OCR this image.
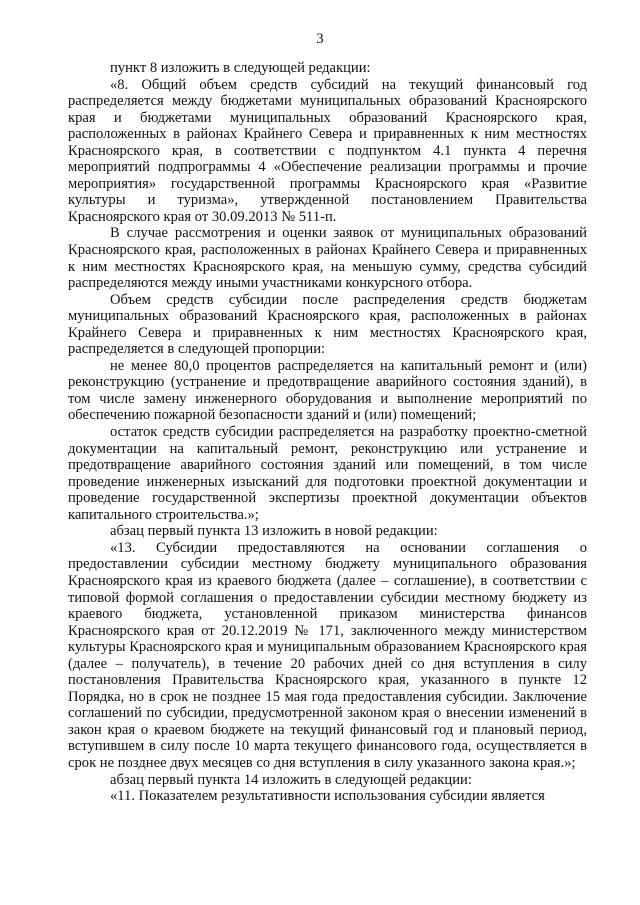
3

пункт 8 изложить в следующей редакции:

«8. Общий объем средств субсидий на текущий финансовый год распределяется между бюджетами муниципальных образований Красноярского края и бюджетами муниципальных образований Красноярского края, расположенных в районах Крайнего Севера и приравненных к ним местностях Красноярского края, в соответствии с подпунктом 4.1 пункта 4 перечня мероприятий подпрограммы 4 «Обеспечение реализации программы и прочие мероприятия» государственной программы Красноярского края «Развитие культуры и туризма», утвержденной постановлением Правительства Красноярского края от 30.09.2013 № 511-п.

В случае рассмотрения и оценки заявок от муниципальных образований Красноярского края, расположенных в районах Крайнего Севера и приравненных к ним местностях Красноярского края, на меньшую сумму, средства субсидий распределяются между иными участниками конкурсного отбора.

Объем средств субсидии после распределения средств бюджетам муниципальных образований Красноярского края, расположенных в районах Крайнего Севера и приравненных к ним местностях Красноярского края, распределяется в следующей пропорции:

не менее 80,0 процентов распределяется на капитальный ремонт и (или) реконструкцию (устранение и предотвращение аварийного состояния зданий), в том числе замену инженерного оборудования и выполнение мероприятий по обеспечению пожарной безопасности зданий и (или) помещений;

остаток средств субсидии распределяется на разработку проектно-сметной документации на капитальный ремонт, реконструкцию или устранение и предотвращение аварийного состояния зданий или помещений, в том числе проведение инженерных изысканий для подготовки проектной документации и проведение государственной экспертизы проектной документации объектов капитального строительства.»;

абзац первый пункта 13 изложить в новой редакции:

«13. Субсидии предоставляются на основании соглашения о предоставлении субсидии местному бюджету муниципального образования Красноярского края из краевого бюджета (далее – соглашение), в соответствии с типовой формой соглашения о предоставлении субсидии местному бюджету из краевого бюджета, установленной приказом министерства финансов Красноярского края от 20.12.2019 № 171, заключенного между министерством культуры Красноярского края и муниципальным образованием Красноярского края (далее – получатель), в течение 20 рабочих дней со дня вступления в силу постановления Правительства Красноярского края, указанного в пункте 12 Порядка, но в срок не позднее 15 мая года предоставления субсидии. Заключение соглашений по субсидии, предусмотренной законом края о внесении изменений в закон края о краевом бюджете на текущий финансовый год и плановый период, вступившем в силу после 10 марта текущего финансового года, осуществляется в срок не позднее двух месяцев со дня вступления в силу указанного закона края.»;

абзац первый пункта 14 изложить в следующей редакции:

«11. Показателем результативности использования субсидии является
